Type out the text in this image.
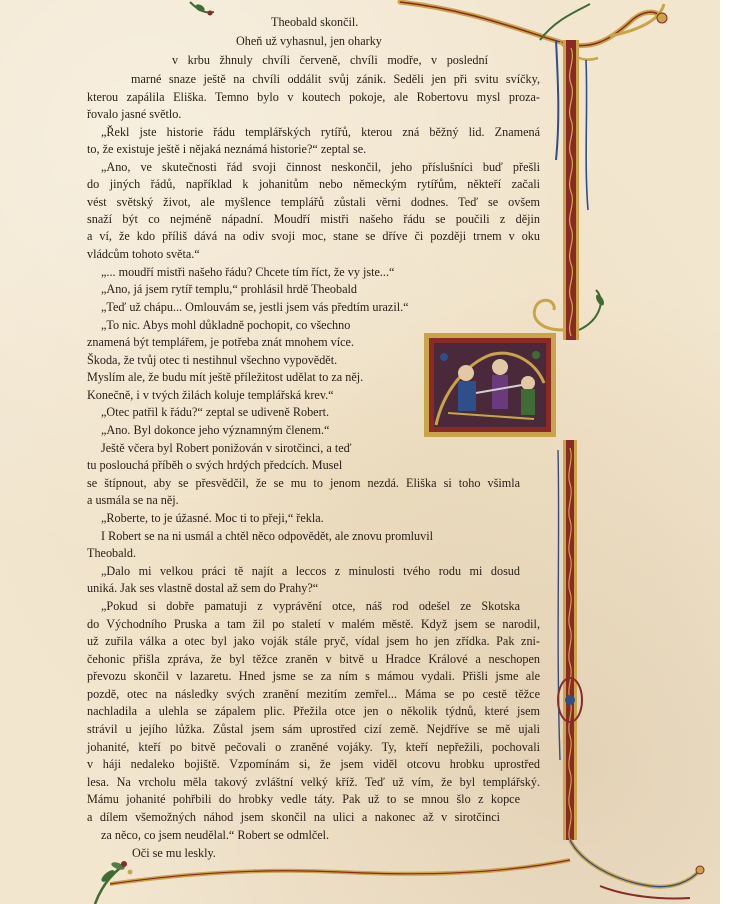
Theobald skončil.
Oheň už vyhasnul, jen oharky
v krbu žhnuly chvíli červeně, chvíli modře, v poslední
marné snaze ještě na chvíli oddálit svůj zánik. Seděli jen při svitu svíčky,
kterou zapálila Eliška. Temno bylo v koutech pokoje, ale Robertovu mysl proza-
řovalo jasné světlo.
„Řekl jste historie řádu templářských rytířů, kterou zná běžný lid. Znamená
to, že existuje ještě i nějaká neznámá historie?“ zeptal se.
„Ano, ve skutečnosti řád svoji činnost neskončil, jeho příslušníci buď přešli
do jiných řádů, například k johanitům nebo německým rytířům, někteří začali
vést světský život, ale myšlence templářů zůstali věrni dodnes. Teď se ovšem
snaží být co nejméně nápadní. Moudří mistři našeho řádu se poučili z dějin
a ví, že kdo příliš dává na odiv svoji moc, stane se dříve či později trnem v oku
vládcům tohoto světa.“
„... moudří mistři našeho řádu? Chcete tím říct, že vy jste...“
„Ano, já jsem rytíř templu,“ prohlásil hrdě Theobald
„Teď už chápu... Omlouvám se, jestli jsem vás předtím urazil.“
„To nic. Abys mohl důkladně pochopit, co všechno
znamená být templářem, je potřeba znát mnohem více.
Škoda, že tvůj otec ti nestihnul všechno vypovědět.
Myslím ale, že budu mít ještě příležitost udělat to za něj.
Konečně, i v tvých žilách koluje templářská krev.“
„Otec patřil k řádu?“ zeptal se udiveně Robert.
„Ano. Byl dokonce jeho významným členem.“
Ještě včera byl Robert ponižován v sirotčinci, a teď
tu poslouchá příběh o svých hrdých předcích. Musel
se štípnout, aby se přesvědčil, že se mu to jenom nezdá. Eliška si toho všimla
a usmála se na něj.
„Roberte, to je úžasné. Moc ti to přeji,“ řekla.
I Robert se na ni usmál a chtěl něco odpovědět, ale znovu promluvil
Theobald.
„Dalo mi velkou práci tě najít a leccos z minulosti tvého rodu mi dosud
uniká. Jak ses vlastně dostal až sem do Prahy?“
„Pokud si dobře pamatuji z vyprávění otce, náš rod odešel ze Skotska
do Východního Pruska a tam žil po staletí v malém městě. Když jsem se narodil,
už zuřila válka a otec byl jako voják stále pryč, vídal jsem ho jen zřídka. Pak zni-
čehonic přišla zpráva, že byl těžce zraněn v bitvě u Hradce Králové a neschopen
převozu skončil v lazaretu. Hned jsme se za ním s mámou vydali. Přišli jsme ale
pozdě, otec na následky svých zranění mezitím zemřel... Máma se po cestě těžce
nachladila a ulehla se zápalem plic. Přežila otce jen o několik týdnů, které jsem
strávil u jejího lůžka. Zůstal jsem sám uprostřed cizí země. Nejdříve se mě ujali
johanité, kteří po bitvě pečovali o zraněné vojáky. Ty, kteří nepřežili, pochovali
v háji nedaleko bojiště. Vzpomínám si, že jsem viděl otcovu hrobku uprostřed
lesa. Na vrcholu měla takový zvláštní velký kříž. Teď už vím, že byl templářský.
Mámu johanité pohřbili do hrobky vedle táty. Pak už to se mnou šlo z kopce
a dílem všemožných náhod jsem skončil na ulici a nakonec až v sirotčinci
za něco, co jsem neudělal.“ Robert se odmlčel.
Oči se mu leskly.
